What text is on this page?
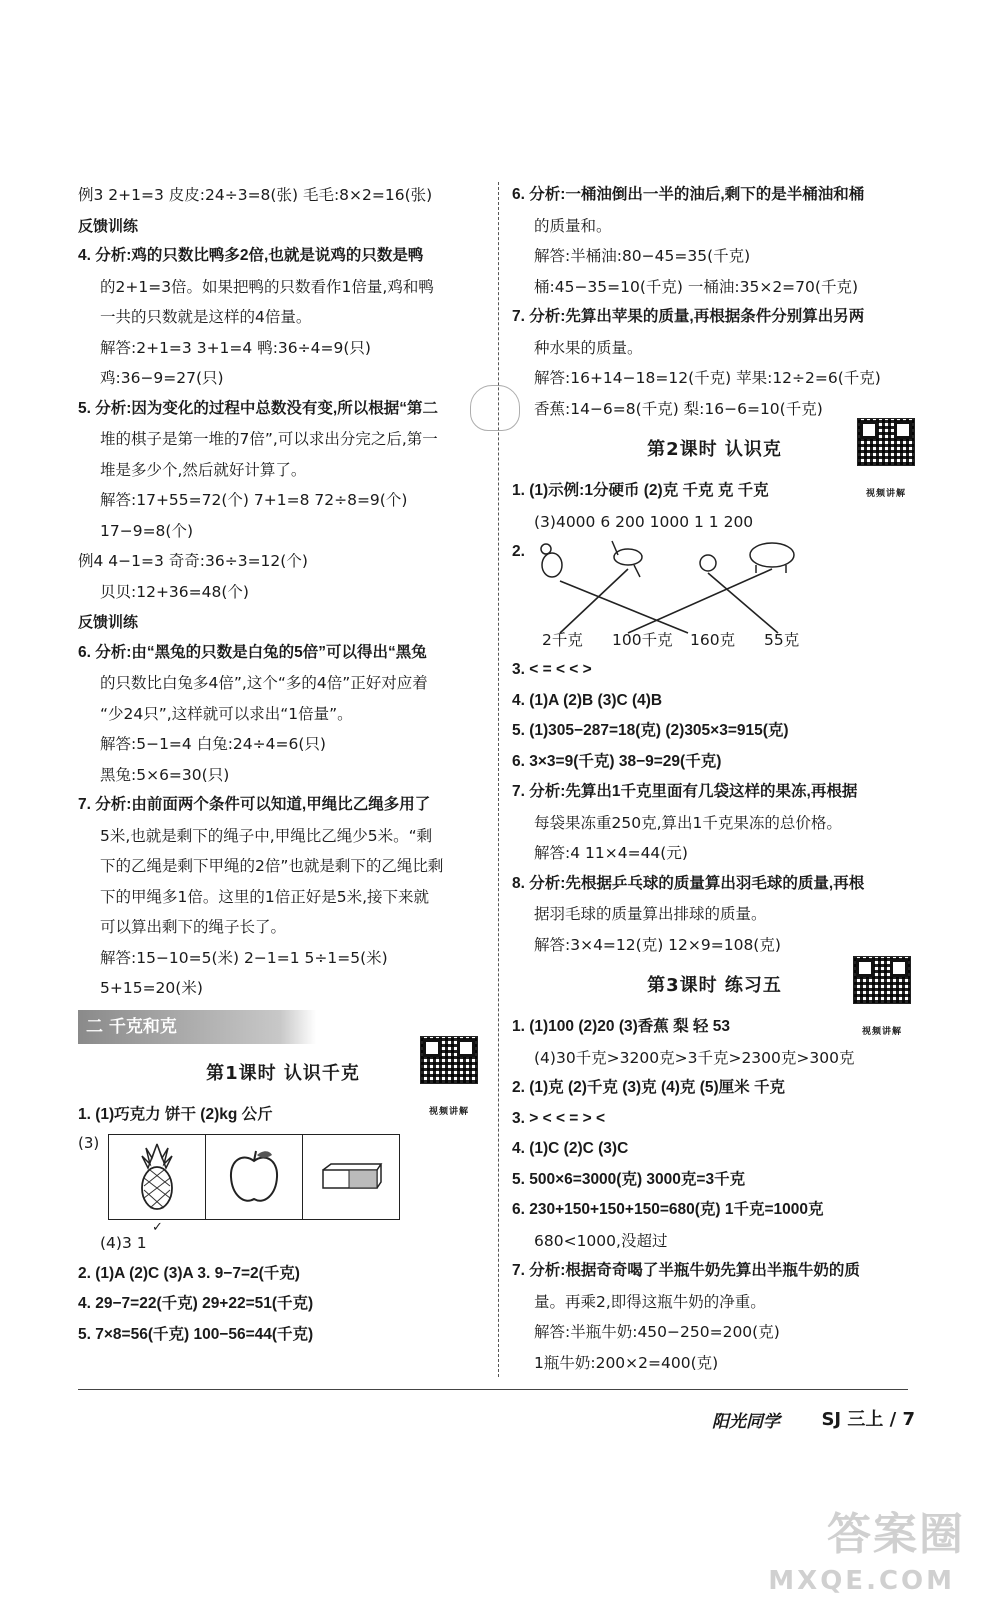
例3 2+1=3 皮皮:24÷3=8(张) 毛毛:8×2=16(张)
反馈训练
4. 分析:鸡的只数比鸭多2倍,也就是说鸡的只数是鸭
的2+1=3倍。如果把鸭的只数看作1倍量,鸡和鸭
一共的只数就是这样的4倍量。
解答:2+1=3 3+1=4 鸭:36÷4=9(只)
鸡:36−9=27(只)
5. 分析:因为变化的过程中总数没有变,所以根据“第二
堆的棋子是第一堆的7倍”,可以求出分完之后,第一
堆是多少个,然后就好计算了。
解答:17+55=72(个) 7+1=8 72÷8=9(个)
17−9=8(个)
例4 4−1=3 奇奇:36÷3=12(个)
贝贝:12+36=48(个)
反馈训练
6. 分析:由“黑兔的只数是白兔的5倍”可以得出“黑兔
的只数比白兔多4倍”,这个“多的4倍”正好对应着
“少24只”,这样就可以求出“1倍量”。
解答:5−1=4 白兔:24÷4=6(只)
黑兔:5×6=30(只)
7. 分析:由前面两个条件可以知道,甲绳比乙绳多用了
5米,也就是剩下的绳子中,甲绳比乙绳少5米。“剩
下的乙绳是剩下甲绳的2倍”也就是剩下的乙绳比剩
下的甲绳多1倍。这里的1倍正好是5米,接下来就
可以算出剩下的绳子长了。
解答:15−10=5(米) 2−1=1 5÷1=5(米)
5+15=20(米)
二 千克和克
第1课时 认识千克
视频讲解
1. (1)巧克力 饼干 (2)kg 公斤
(3)
✓
(4)3 1
2. (1)A (2)C (3)A 3. 9−7=2(千克)
4. 29−7=22(千克) 29+22=51(千克)
5. 7×8=56(千克) 100−56=44(千克)
6. 分析:一桶油倒出一半的油后,剩下的是半桶油和桶
的质量和。
解答:半桶油:80−45=35(千克)
桶:45−35=10(千克) 一桶油:35×2=70(千克)
7. 分析:先算出苹果的质量,再根据条件分别算出另两
种水果的质量。
解答:16+14−18=12(千克) 苹果:12÷2=6(千克)
香蕉:14−6=8(千克) 梨:16−6=10(千克)
第2课时 认识克
视频讲解
1. (1)示例:1分硬币 (2)克 千克 克 千克
(3)4000 6 200 1000 1 1 200
2.
2千克 100千克 160克 55克
3. < = < < >
4. (1)A (2)B (3)C (4)B
5. (1)305−287=18(克) (2)305×3=915(克)
6. 3×3=9(千克) 38−9=29(千克)
7. 分析:先算出1千克里面有几袋这样的果冻,再根据
每袋果冻重250克,算出1千克果冻的总价格。
解答:4 11×4=44(元)
8. 分析:先根据乒乓球的质量算出羽毛球的质量,再根
据羽毛球的质量算出排球的质量。
解答:3×4=12(克) 12×9=108(克)
第3课时 练习五
视频讲解
1. (1)100 (2)20 (3)香蕉 梨 轻 53
(4)30千克>3200克>3千克>2300克>300克
2. (1)克 (2)千克 (3)克 (4)克 (5)厘米 千克
3. > < < = > <
4. (1)C (2)C (3)C
5. 500×6=3000(克) 3000克=3千克
6. 230+150+150+150=680(克) 1千克=1000克
680<1000,没超过
7. 分析:根据奇奇喝了半瓶牛奶先算出半瓶牛奶的质
量。再乘2,即得这瓶牛奶的净重。
解答:半瓶牛奶:450−250=200(克)
1瓶牛奶:200×2=400(克)
阳光同学 SJ 三上 / 7
答案圈
MXQE.COM
